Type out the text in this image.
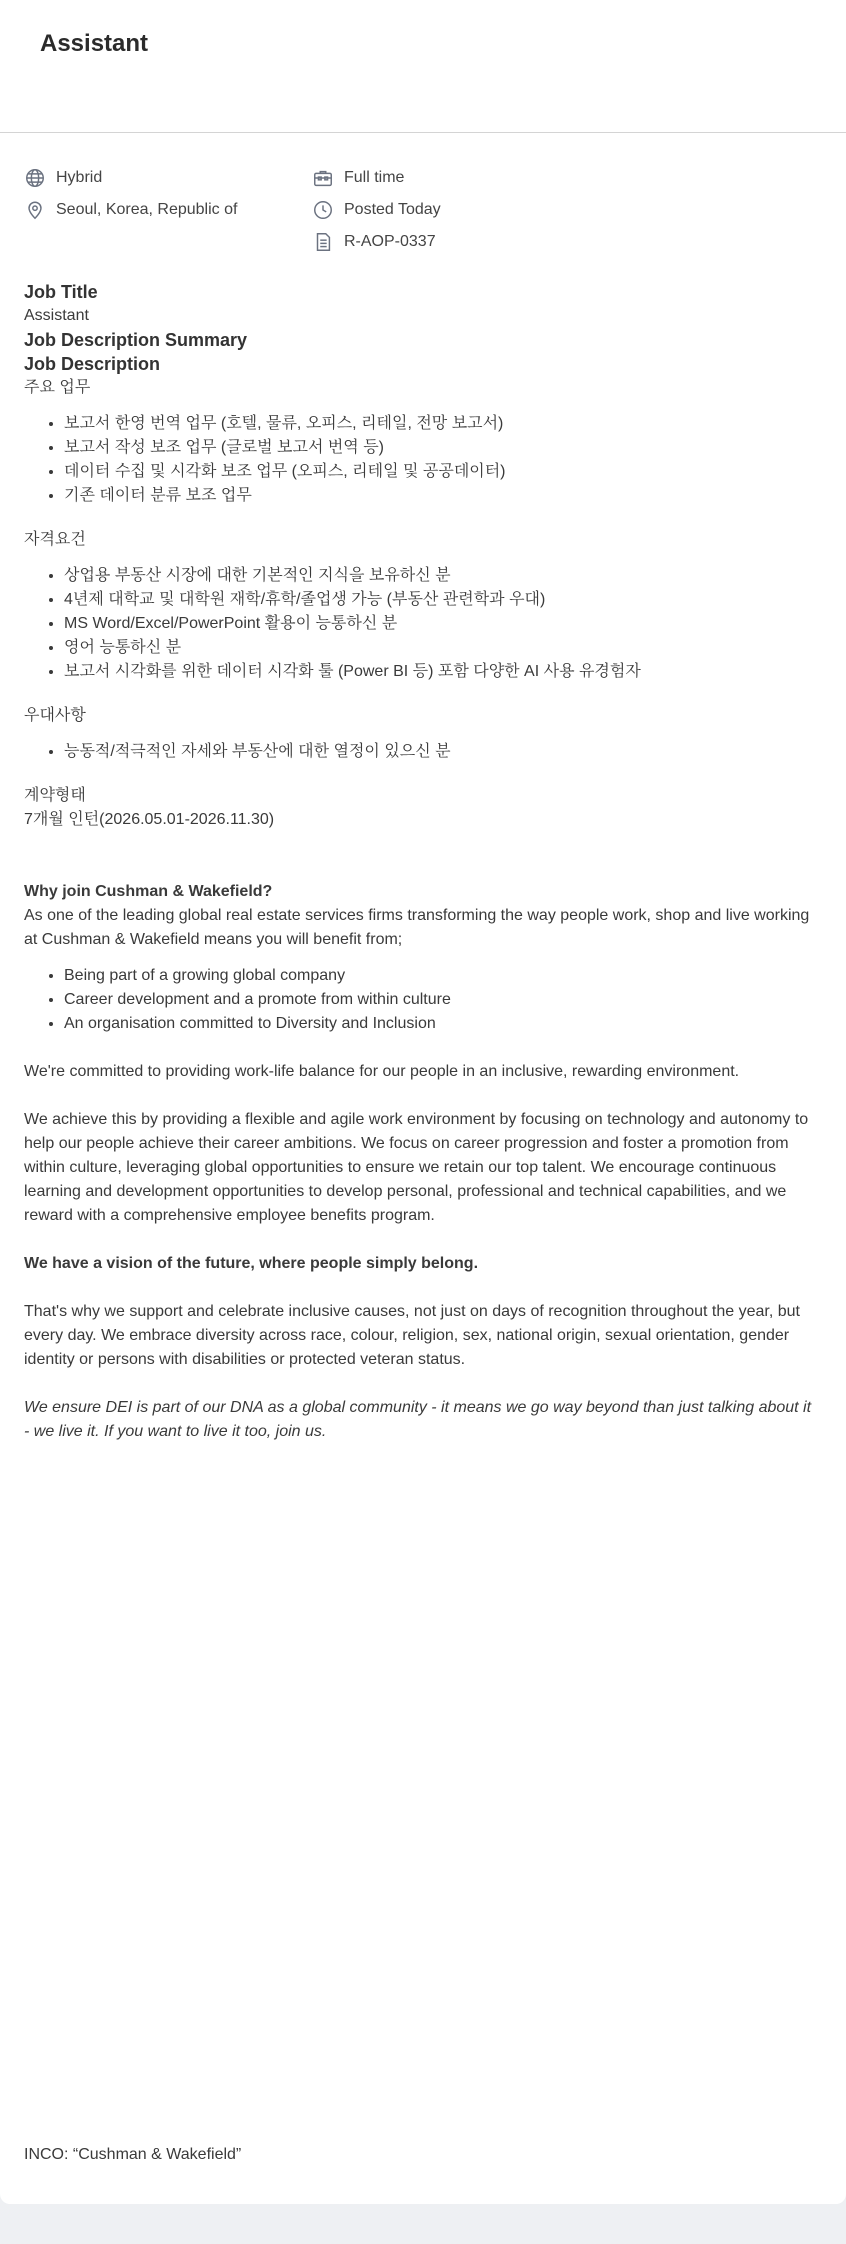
Assistant
Hybrid
Seoul, Korea, Republic of
Full time
Posted Today
R-AOP-0337

Job Title

Assistant

Job Description Summary

Job Description

주요 업무

• 보고서 한영 번역 업무 (호텔, 물류, 오피스, 리테일, 전망 보고서)
• 보고서 작성 보조 업무 (글로벌 보고서 번역 등)
• 데이터 수집 및 시각화 보조 업무 (오피스, 리테일 및 공공데이터)
• 기존 데이터 분류 보조 업무

자격요건

• 상업용 부동산 시장에 대한 기본적인 지식을 보유하신 분
• 4년제 대학교 및 대학원 재학/휴학/졸업생 가능 (부동산 관련학과 우대)
• MS Word/Excel/PowerPoint 활용이 능통하신 분
• 영어 능통하신 분
• 보고서 시각화를 위한 데이터 시각화 툴 (Power BI 등) 포함 다양한 AI 사용 유경험자

우대사항

• 능동적/적극적인 자세와 부동산에 대한 열정이 있으신 분

계약형태

7개월 인턴(2026.05.01-2026.11.30)

Why join Cushman & Wakefield?

As one of the leading global real estate services firms transforming the way people work, shop and live working at Cushman & Wakefield means you will benefit from;

• Being part of a growing global company
• Career development and a promote from within culture
• An organisation committed to Diversity and Inclusion

We're committed to providing work-life balance for our people in an inclusive, rewarding environment.

We achieve this by providing a flexible and agile work environment by focusing on technology and autonomy to help our people achieve their career ambitions. We focus on career progression and foster a promotion from within culture, leveraging global opportunities to ensure we retain our top talent. We encourage continuous learning and development opportunities to develop personal, professional and technical capabilities, and we reward with a comprehensive employee benefits program.

We have a vision of the future, where people simply belong.

That's why we support and celebrate inclusive causes, not just on days of recognition throughout the year, but every day. We embrace diversity across race, colour, religion, sex, national origin, sexual orientation, gender identity or persons with disabilities or protected veteran status.

We ensure DEI is part of our DNA as a global community - it means we go way beyond than just talking about it - we live it. If you want to live it too, join us.

INCO: “Cushman & Wakefield”
